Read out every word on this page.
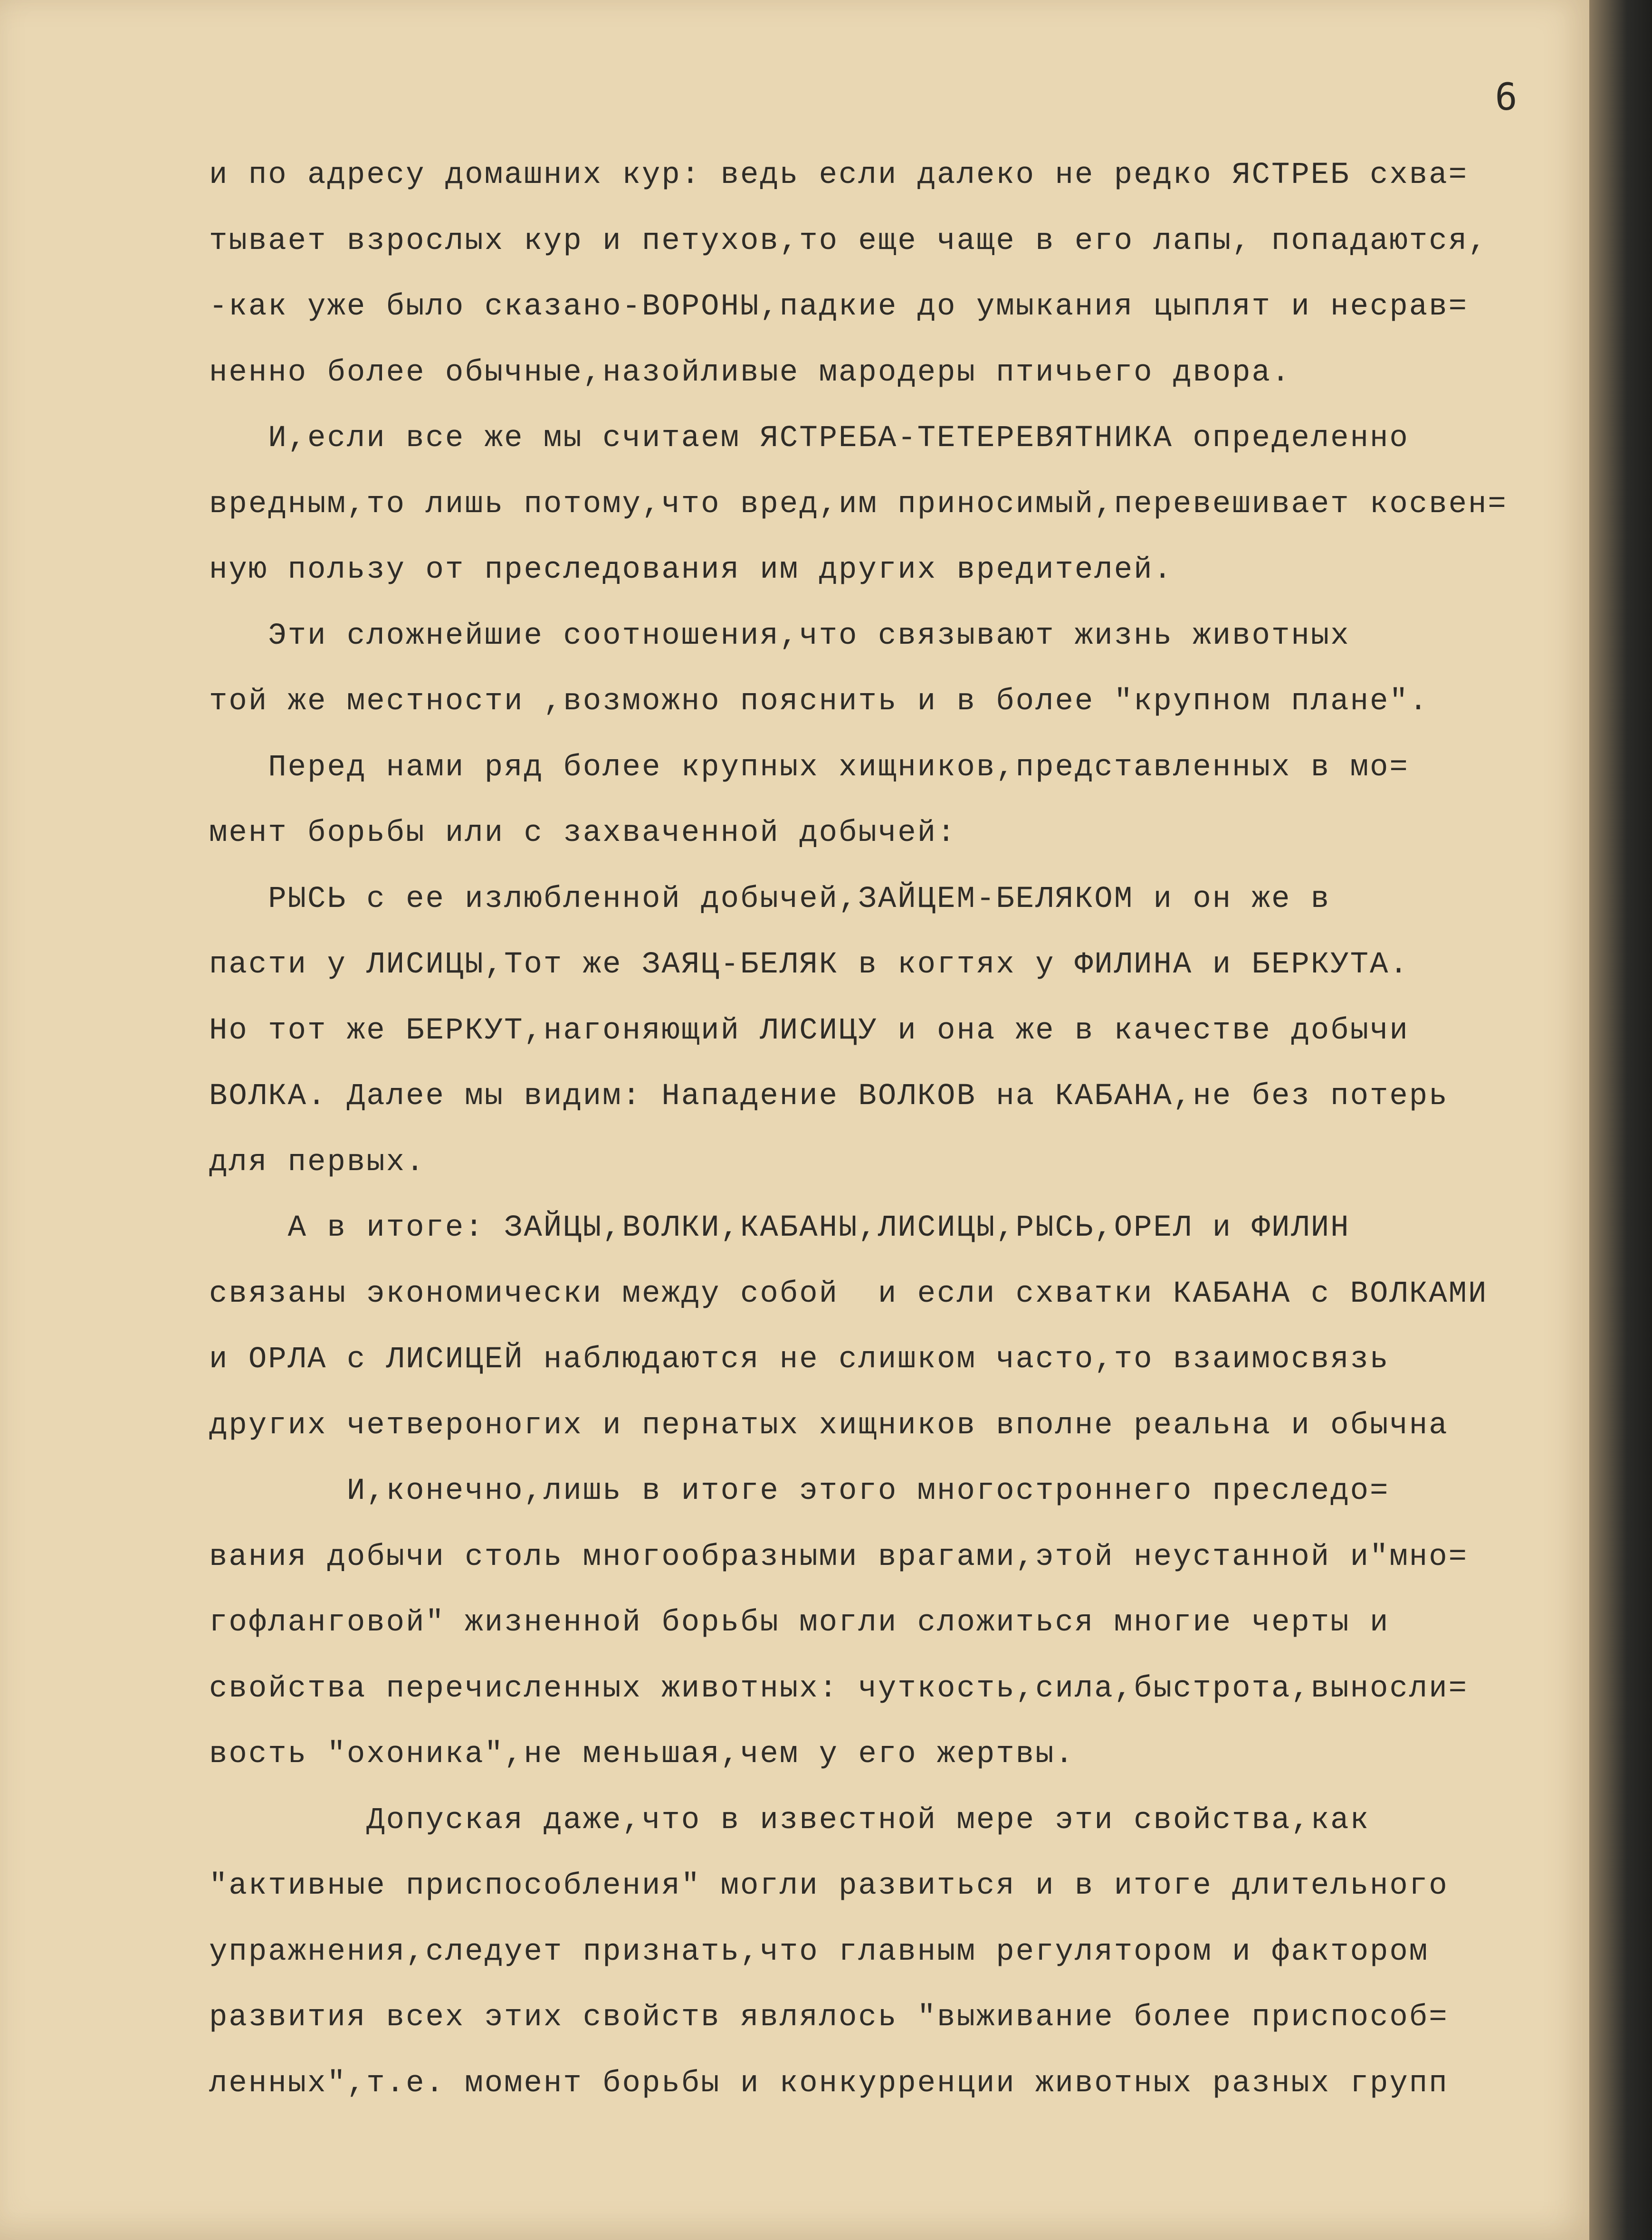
6
и по адресу домашних кур: ведь если далеко не редко ЯСТРЕБ схва=
тывает взрослых кур и петухов,то еще чаще в его лапы, попадаются,
-как уже было сказано-ВОРОНЫ,падкие до умыкания цыплят и несрав=
ненно более обычные,назойливые мародеры птичьего двора.
И,если все же мы считаем ЯСТРЕБА-ТЕТЕРЕВЯТНИКА определенно
вредным,то лишь потому,что вред,им приносимый,перевешивает косвен=
ную пользу от преследования им других вредителей.
Эти сложнейшие соотношения,что связывают жизнь животных
той же местности ,возможно пояснить и в более "крупном плане".
Перед нами ряд более крупных хищников,представленных в мо=
мент борьбы или с захваченной добычей:
РЫСЬ с ее излюбленной добычей,ЗАЙЦЕМ-БЕЛЯКОМ и он же в
пасти у ЛИСИЦЫ,Тот же ЗАЯЦ-БЕЛЯК в когтях у ФИЛИНА и БЕРКУТА.
Но тот же БЕРКУТ,нагоняющий ЛИСИЦУ и она же в качестве добычи
ВОЛКА. Далее мы видим: Нападение ВОЛКОВ на КАБАНА,не без потерь
для первых.
А в итоге: ЗАЙЦЫ,ВОЛКИ,КАБАНЫ,ЛИСИЦЫ,РЫСЬ,ОРЕЛ и ФИЛИН
связаны экономически между собой  и если схватки КАБАНА с ВОЛКАМИ
и ОРЛА с ЛИСИЦЕЙ наблюдаются не слишком часто,то взаимосвязь
других четвероногих и пернатых хищников вполне реальна и обычна
И,конечно,лишь в итоге этого многостроннего преследо=
вания добычи столь многообразными врагами,этой неустанной и"мно=
гофланговой" жизненной борьбы могли сложиться многие черты и
свойства перечисленных животных: чуткость,сила,быстрота,выносли=
вость "охоника",не меньшая,чем у его жертвы.
Допуская даже,что в известной мере эти свойства,как
"активные приспособления" могли развиться и в итоге длительного
упражнения,следует признать,что главным регулятором и фактором
развития всех этих свойств являлось "выживание более приспособ=
ленных",т.е. момент борьбы и конкурренции животных разных групп
